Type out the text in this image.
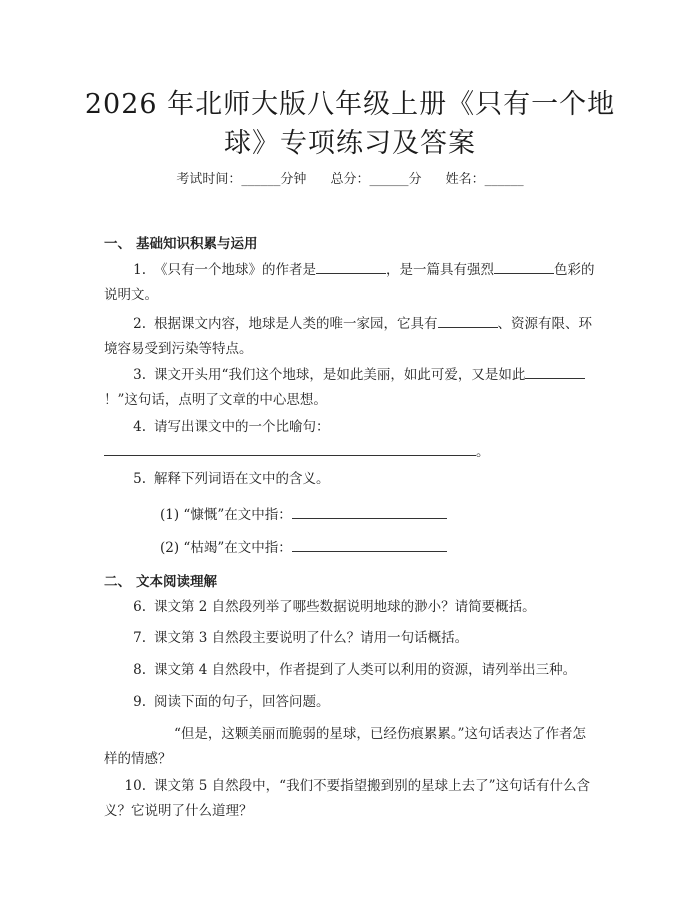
2026 年北师大版八年级上册《只有一个地
球》专项练习及答案
考试时间：______分钟 总分：______分 姓名：______
一、 基础知识积累与运用
1. 《只有一个地球》的作者是	，是一篇具有强烈	色彩的说明文。
2. 根据课文内容，地球是人类的唯一家园，它具有	、资源有限、环境容易受到污染等特点。
3. 课文开头用“我们这个地球，是如此美丽，如此可爱，又是如此！”这句话，点明了文章的中心思想。
4. 请写出课文中的一个比喻句：
。
5. 解释下列词语在文中的含义。
(1) “慷慨”在文中指：
(2) “枯竭”在文中指：
二、 文本阅读理解
6. 课文第 2 自然段列举了哪些数据说明地球的渺小？请简要概括。
7. 课文第 3 自然段主要说明了什么？请用一句话概括。
8. 课文第 4 自然段中，作者提到了人类可以利用的资源，请列举出三种。
9. 阅读下面的句子，回答问题。
“但是，这颗美丽而脆弱的星球，已经伤痕累累。”这句话表达了作者怎样的情感？
10. 课文第 5 自然段中，“我们不要指望搬到别的星球上去了”这句话有什么含义？它说明了什么道理？
